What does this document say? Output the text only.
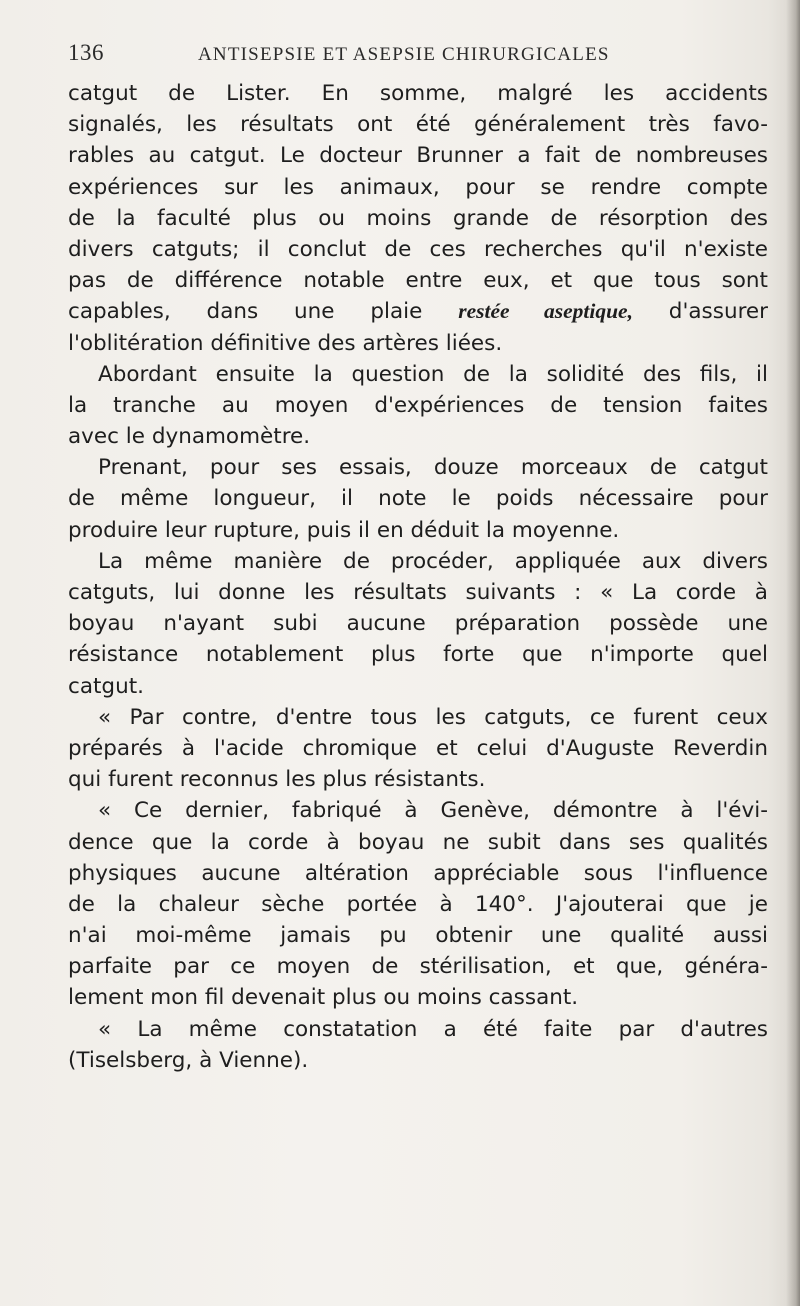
136	ANTISEPSIE ET ASEPSIE CHIRURGICALES
catgut de Lister. En somme, malgré les accidents
signalés, les résultats ont été généralement très favo-
rables au catgut. Le docteur Brunner a fait de nombreuses
expériences sur les animaux, pour se rendre compte
de la faculté plus ou moins grande de résorption des
divers catguts; il conclut de ces recherches qu'il n'existe
pas de différence notable entre eux, et que tous sont
capables, dans une plaie restée aseptique, d'assurer
l'oblitération définitive des artères liées.
Abordant ensuite la question de la solidité des fils, il
la tranche au moyen d'expériences de tension faites
avec le dynamomètre.
Prenant, pour ses essais, douze morceaux de catgut
de même longueur, il note le poids nécessaire pour
produire leur rupture, puis il en déduit la moyenne.
La même manière de procéder, appliquée aux divers
catguts, lui donne les résultats suivants : « La corde à
boyau n'ayant subi aucune préparation possède une
résistance notablement plus forte que n'importe quel
catgut.
« Par contre, d'entre tous les catguts, ce furent ceux
préparés à l'acide chromique et celui d'Auguste Reverdin
qui furent reconnus les plus résistants.
« Ce dernier, fabriqué à Genève, démontre à l'évi-
dence que la corde à boyau ne subit dans ses qualités
physiques aucune altération appréciable sous l'influence
de la chaleur sèche portée à 140°. J'ajouterai que je
n'ai moi-même jamais pu obtenir une qualité aussi
parfaite par ce moyen de stérilisation, et que, généra-
lement mon fil devenait plus ou moins cassant.
« La même constatation a été faite par d'autres
(Tiselsberg, à Vienne).
